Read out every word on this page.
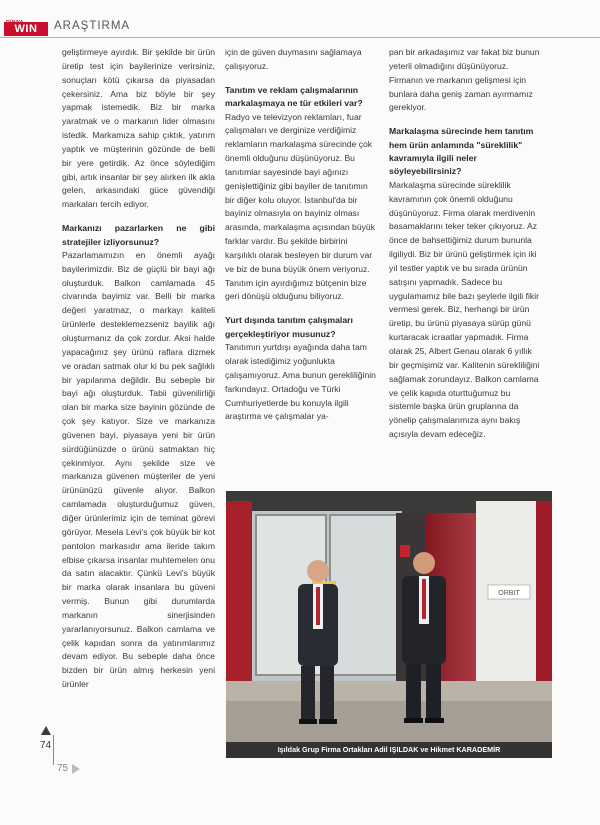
DÜNYA
WIN	ARAŞTIRMA

geliştirmeye ayırdık. Bir şekilde bir ürün üretip test için bayilerinize verirsiniz, sonuçları kötü çıkarsa da piyasadan çekersiniz. Ama biz böyle bir şey yapmak istemedik. Biz bir marka yaratmak ve o markanın lider olmasını istedik. Markamıza sahip çıktık, yatırım yaptık ve müşterinin gözünde de belli bir yere getirdik. Az önce söylediğim gibi, artık insanlar bir şey alırken ilk akla gelen, arkasındaki güce güvendiği markaları tercih ediyor.

Markanızı pazarlarken ne gibi stratejiler izliyorsunuz?

Pazarlamamızın en önemli ayağı bayilerimizdir. Biz de güçlü bir bayi ağı oluşturduk. Balkon camlamada 45 civarında bayimiz var. Belli bir marka değeri yaratmaz, o markayı kaliteli ürünlerle desteklemezseniz bayilik ağı oluşturmanız da çok zordur. Aksi halde yapacağınız şey ürünü raflara dizmek ve oradan satmak olur ki bu pek sağlıklı bir yapılanma değildir. Bu sebeple bir bayi ağı oluşturduk. Tabii güvenilirliği olan bir marka size bayinin gözünde de çok şey katıyor. Size ve markanıza güvenen bayi, piyasaya yeni bir ürün sürdüğünüzde o ürünü satmaktan hiç çekinmiyor. Aynı şekilde size ve markanıza güvenen müşteriler de yeni ürününüzü güvenle alıyor. Balkon camlamada oluşturduğumuz güven, diğer ürünlerimiz için de teminat görevi görüyor. Mesela Levi's çok büyük bir kot pantolon markasıdır ama ileride takım elbise çıkarsa insanlar muhtemelen onu da satın alacaktır. Çünkü Levi's büyük bir marka olarak insanlara bu güveni vermiş. Bunun gibi durumlarda markanın sinerjisinden yararlanıyorsunuz. Balkon camlama ve çelik kapıdan sonra da yatırımlarımız devam ediyor. Bu sebeple daha önce bizden bir ürün almış herkesin yeni ürünler

için de güven duymasını sağlamaya çalışıyoruz.

Tanıtım ve reklam çalışmalarının markalaşmaya ne tür etkileri var?

Radyo ve televizyon reklamları, fuar çalışmaları ve derginize verdiğimiz reklamların markalaşma sürecinde çok önemli olduğunu düşünüyoruz. Bu tanıtımlar sayesinde bayi ağınızı genişlettiğiniz gibi bayiler de tanıtımın bir diğer kolu oluyor. İstanbul'da bir bayiniz olmasıyla on bayiniz olması arasında, markalaşma açısından büyük farklar vardır. Bu şekilde birbirini karşılıklı olarak besleyen bir durum var ve biz de buna büyük önem veriyoruz. Tanıtım için ayırdığımız bütçenin bize geri dönüşü olduğunu biliyoruz.

Yurt dışında tanıtım çalışmaları gerçekleştiriyor musunuz?

Tanıtımın yurtdışı ayağında daha tam olarak istediğimiz yoğunlukta çalışamıyoruz. Ama bunun gerekliliğinin farkındayız. Ortadoğu ve Türki Cumhuriyetlerde bu konuyla ilgili araştırma ve çalışmalar ya-

pan bir arkadaşımız var fakat biz bunun yeterli olmadığını düşünüyoruz. Firmanın ve markanın gelişmesi için bunlara daha geniş zaman ayırmamız gerekiyor.

Markalaşma sürecinde hem tanıtım hem ürün anlamında "süreklilik" kavramıyla ilgili neler söyleyebilirsiniz?

Markalaşma sürecinde süreklilik kavramının çok önemli olduğunu düşünüyoruz. Firma olarak merdivenin basamaklarını teker teker çıkıyoruz. Az önce de bahsettiğimiz durum bununla ilgiliydi. Biz bir ürünü geliştirmek için iki yıl testler yaptık ve bu sırada ürünün satışını yapmadık. Sadece bu uygulamamız bile bazı şeylerle ilgili fikir vermesi gerek. Biz, herhangi bir ürün üretip, bu ürünü piyasaya sürüp günü kurtaracak icraatlar yapmadık. Firma olarak 25, Albert Genau olarak 6 yıllık bir geçmişimiz var. Kalitenin sürekliliğini sağlamak zorundayız. Balkon camlama ve çelik kapıda oturttuğumuz bu sistemle başka ürün gruplarına da yönelip çalışmalarımıza aynı bakış açısıyla devam edeceğiz.

ORBIT
Işıldak Grup Firma Ortakları Adil IŞILDAK ve Hikmet KARADEMİR
74
75
